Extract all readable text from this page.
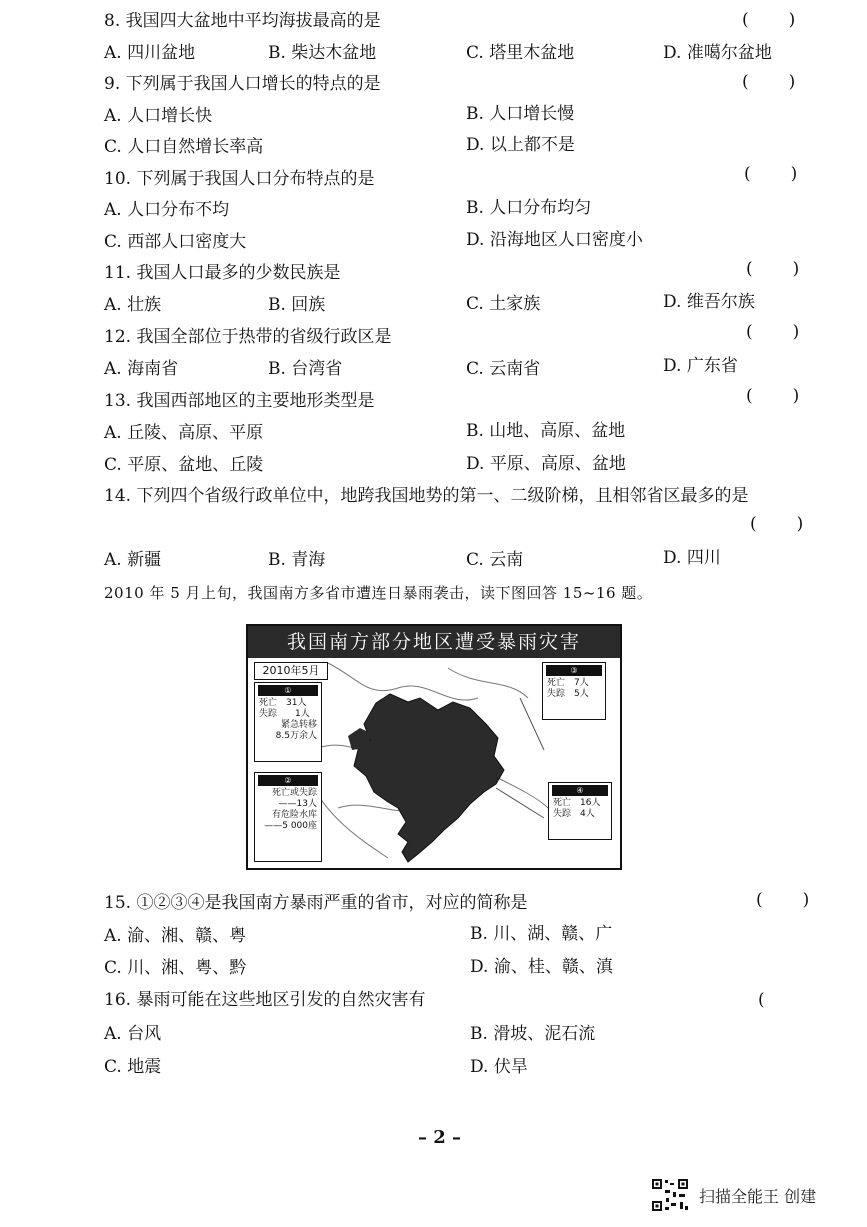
8. 我国四大盆地中平均海拔最高的是	(　　)
A. 四川盆地	B. 柴达木盆地	C. 塔里木盆地	D. 准噶尔盆地
9. 下列属于我国人口增长的特点的是	(　　)
A. 人口增长快	B. 人口增长慢
C. 人口自然增长率高	D. 以上都不是
10. 下列属于我国人口分布特点的是	(　　)
A. 人口分布不均	B. 人口分布均匀
C. 西部人口密度大	D. 沿海地区人口密度小
11. 我国人口最多的少数民族是	(　　)
A. 壮族	B. 回族	C. 土家族	D. 维吾尔族
12. 我国全部位于热带的省级行政区是	(　　)
A. 海南省	B. 台湾省	C. 云南省	D. 广东省
13. 我国西部地区的主要地形类型是	(　　)
A. 丘陵、高原、平原	B. 山地、高原、盆地
C. 平原、盆地、丘陵	D. 平原、高原、盆地
14. 下列四个省级行政单位中，地跨我国地势的第一、二级阶梯，且相邻省区最多的是
(　　)
A. 新疆	B. 青海	C. 云南	D. 四川
2010 年 5 月上旬，我国南方多省市遭连日暴雨袭击，读下图回答 15~16 题。
我国南方部分地区遭受暴雨灾害
2010年5月
①
死亡　31人
失踪　　1人
紧急转移
8.5万余人
②
死亡或失踪
——13人
有危险水库
——5 000座
③
死亡　7人
失踪　5人
④
死亡　16人
失踪　4人
15. ①②③④是我国南方暴雨严重的省市，对应的简称是	(　　)
A. 渝、湘、赣、粤	B. 川、湖、赣、广
C. 川、湘、粤、黔	D. 渝、桂、赣、滇
16. 暴雨可能在这些地区引发的自然灾害有	(　　
A. 台风	B. 滑坡、泥石流
C. 地震	D. 伏旱
– 2 –
扫描全能王 创建
